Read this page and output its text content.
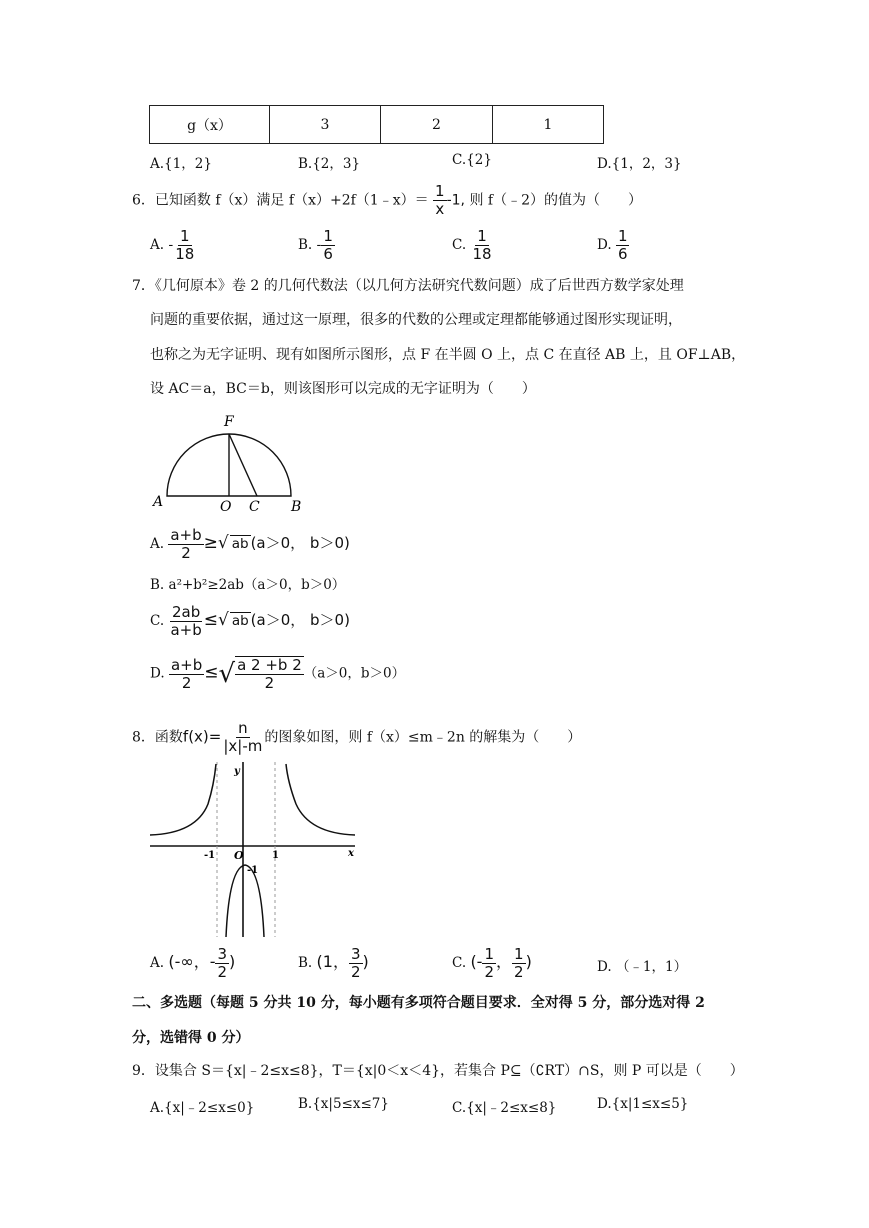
g（x）	3	2	1
A.{1，2}	B.{2，3}	C.{2}	D.{1，2，3}
6．已知函数 f（x）满足 f（x）+2f（1﹣x）＝ $\frac{1}{x} -1$, 则 f（﹣2）的值为（　　）
A. - $\frac{1}{18}$	B. - $\frac{1}{6}$	C. $\frac{1}{18}$	D. $\frac{1}{6}$
7．《几何原本》卷 2 的几何代数法（以几何方法研究代数问题）成了后世西方数学家处理
问题的重要依据，通过这一原理，很多的代数的公理或定理都能够通过图形实现证明，
也称之为无字证明、现有如图所示图形，点 F 在半圆 O 上，点 C 在直径 AB 上，且 OF⊥AB，
设 AC＝a，BC＝b，则该图形可以完成的无字证明为（　　）
F
A	O C B
A. $\frac{a+b}{2}$ ≥√ ab (a＞0， b＞0)
B. a²+b²≥2ab（a＞0，b＞0）
C. $\frac{2ab}{a+b}$ ≤√ ab (a＞0， b＞0)
D. $\frac{a+b}{2}$ ≤√ $\frac{a 2 +b 2}{2} (a>0$，b＞0）
8．函数$f(x)= \frac{n}{|x|-m}$ 的图象如图，则 f（x）≤m﹣2n 的解集为（　　）
y
x
-1 O	1
-1
A. (-∞，- $\frac{3}{2}$ )	B. (1， $\frac{3}{2}$ )	C. (- $\frac{1}{2}$ ， $\frac{1}{2}$ )	D. （﹣1，1）
二、多选题（每题 5 分共 10 分，每小题有多项符合题目要求．全对得 5 分，部分选对得 2
分，选错得 0 分）
9．设集合 S＝{x|﹣2≤x≤8}，T＝{x|0＜x＜4}，若集合 P⊆（∁RT）∩S，则 P 可以是（　　）
A.{x|﹣2≤x≤0}	B.{x|5≤x≤7}	C.{x|﹣2≤x≤8}	D.{x|1≤x≤5}
